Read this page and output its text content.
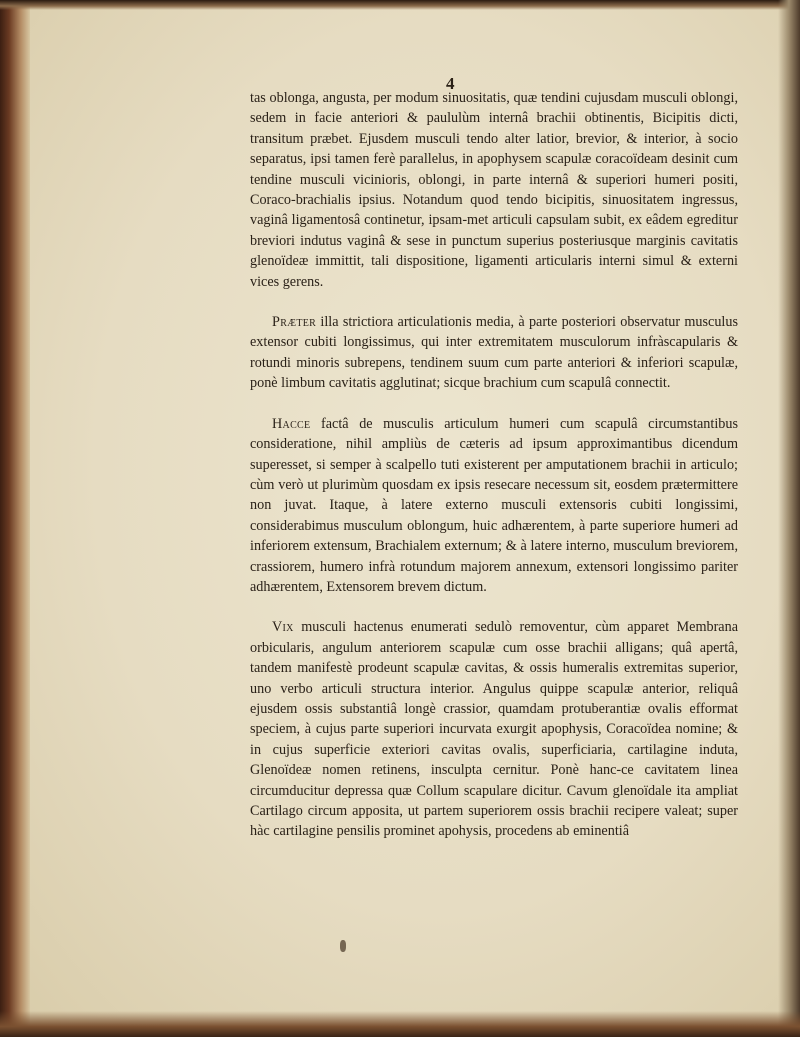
4

tas oblonga, angusta, per modum sinuositatis, quæ tendini cujusdam musculi oblongi, sedem in facie anteriori & paululùm internâ brachii obtinentis, Bicipitis dicti, transitum præbet. Ejusdem musculi tendo alter latior, brevior, & interior, à socio separatus, ipsi tamen ferè parallelus, in apophysem scapulæ coracoïdeam desinit cum tendine musculi vicinioris, oblongi, in parte internâ & superiori humeri positi, Coraco-brachialis ipsius. Notandum quod tendo bicipitis, sinuositatem ingressus, vaginâ ligamentosâ continetur, ipsam-met articuli capsulam subit, ex eâdem egreditur breviori indutus vaginâ & sese in punctum superius posteriusque marginis cavitatis glenoïdeæ immittit, tali dispositione, ligamenti articularis interni simul & externi vices gerens.

Præter illa strictiora articulationis media, à parte posteriori observatur musculus extensor cubiti longissimus, qui inter extremitatem musculorum infràscapularis & rotundi minoris subrepens, tendinem suum cum parte anteriori & inferiori scapulæ, ponè limbum cavitatis agglutinat; sicque brachium cum scapulâ connectit.

Hacce factâ de musculis articulum humeri cum scapulâ circumstantibus consideratione, nihil ampliùs de cæteris ad ipsum approximantibus dicendum superesset, si semper à scalpello tuti existerent per amputationem brachii in articulo; cùm verò ut plurimùm quosdam ex ipsis resecare necessum sit, eosdem prætermittere non juvat. Itaque, à latere externo musculi extensoris cubiti longissimi, considerabimus musculum oblongum, huic adhærentem, à parte superiore humeri ad inferiorem extensum, Brachialem externum; & à latere interno, musculum breviorem, crassiorem, humero infrà rotundum majorem annexum, extensori longissimo pariter adhærentem, Extensorem brevem dictum.

Vix musculi hactenus enumerati sedulò removentur, cùm apparet Membrana orbicularis, angulum anteriorem scapulæ cum osse brachii alligans; quâ apertâ, tandem manifestè prodeunt scapulæ cavitas, & ossis humeralis extremitas superior, uno verbo articuli structura interior. Angulus quippe scapulæ anterior, reliquâ ejusdem ossis substantiâ longè crassior, quamdam protuberantiæ ovalis efformat speciem, à cujus parte superiori incurvata exurgit apophysis, Coracoïdea nomine; & in cujus superficie exteriori cavitas ovalis, superficiaria, cartilagine induta, Glenoïdeæ nomen retinens, insculpta cernitur. Ponè hanc-ce cavitatem linea circumducitur depressa quæ Collum scapulare dicitur. Cavum glenoïdale ita ampliat Cartilago circum apposita, ut partem superiorem ossis brachii recipere valeat; super hàc cartilagine pensilis prominet apohysis, procedens ab eminentiâ
